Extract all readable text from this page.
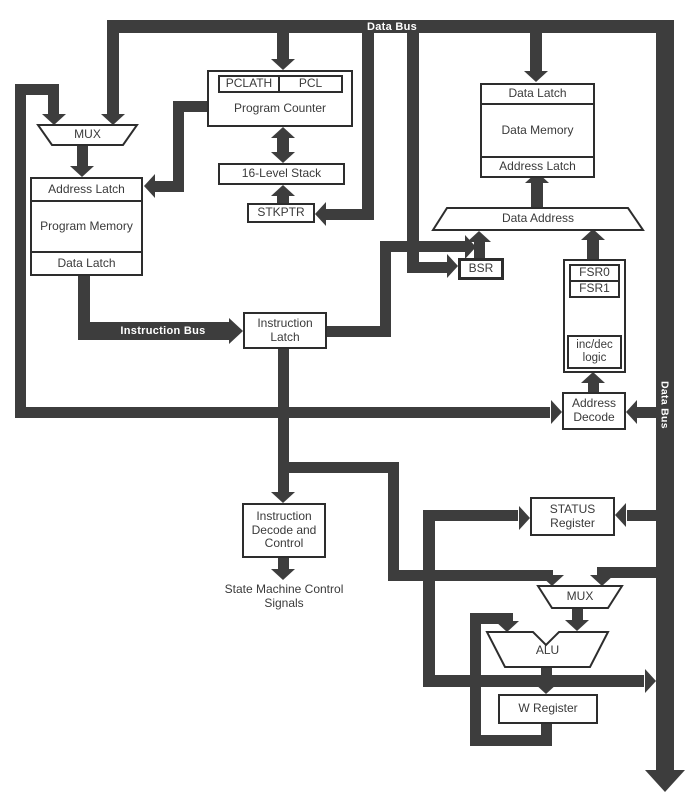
MUX
Data Address
MUX
ALU
PCLATH	PCL
Program Counter
16-Level Stack
STKPTR
Address Latch
Program Memory
Data Latch
Data Latch
Data Memory
Address Latch
BSR	FSR0
FSR1
inc/dec logic
Address Decode
Instruction Latch
Instruction Decode and Control
State Machine Control Signals
STATUS Register
W Register
Data Bus
Instruction Bus
Data Bus
